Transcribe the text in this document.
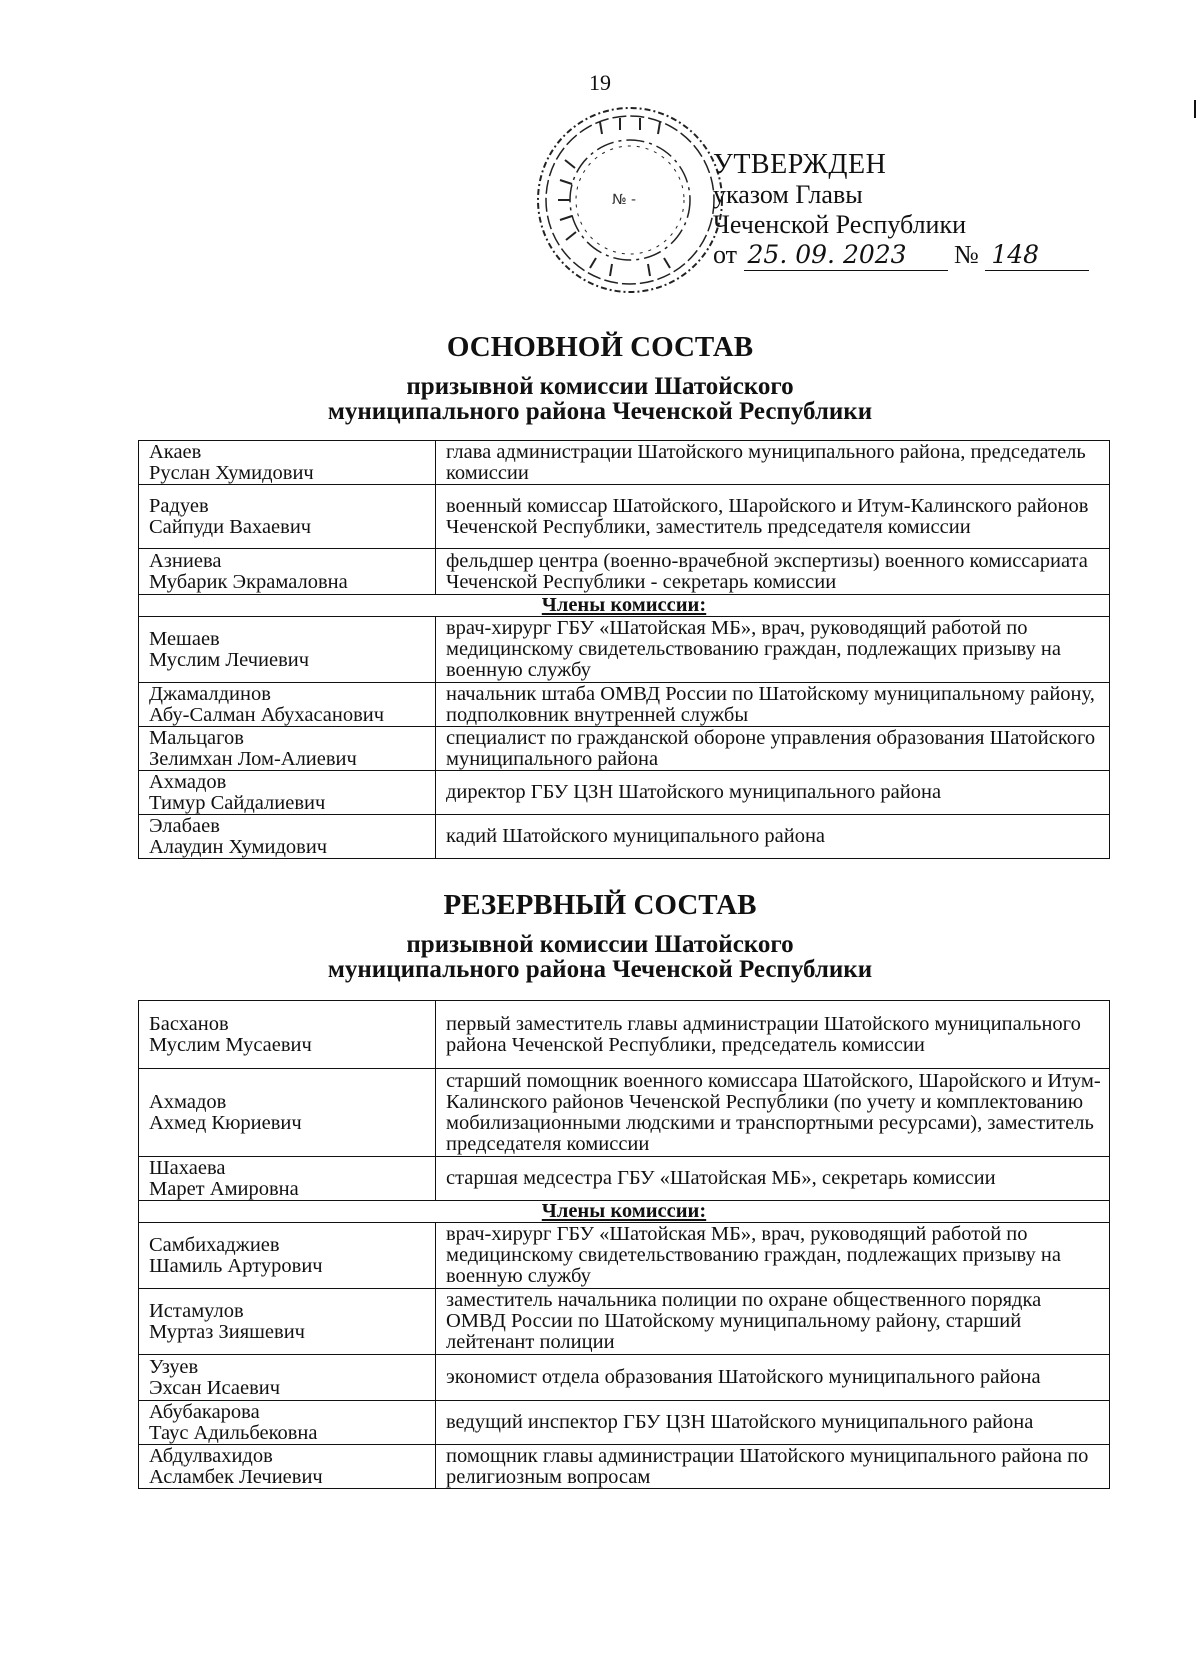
19
№ -
УТВЕРЖДЕН
указом Главы
Чеченской Республики
от 25. 09. 2023 № 148
ОСНОВНОЙ СОСТАВ
призывной комиссии Шатойского
муниципального района Чеченской Республики
Акаев
Руслан Хумидович	глава администрации Шатойского муниципального района, председатель комиссии
Радуев
Сайпуди Вахаевич	военный комиссар Шатойского, Шаройского и Итум-Калинского районов Чеченской Республики, заместитель председателя комиссии
Азниева
Мубарик Экрамаловна	фельдшер центра (военно-врачебной экспертизы) военного комиссариата Чеченской Республики - секретарь комиссии
Члены комиссии:	
Мешаев
Муслим Лечиевич	врач-хирург ГБУ «Шатойская МБ», врач, руководящий работой по медицинскому свидетельствованию граждан, подлежащих призыву на военную службу
Джамалдинов
Абу-Салман Абухасанович	начальник штаба ОМВД России по Шатойскому муниципальному району, подполковник внутренней службы
Мальцагов
Зелимхан Лом-Алиевич	специалист по гражданской обороне управления образования Шатойского муниципального района
Ахмадов
Тимур Сайдалиевич	директор ГБУ ЦЗН Шатойского муниципального района
Элабаев
Алаудин Хумидович	кадий Шатойского муниципального района
РЕЗЕРВНЫЙ СОСТАВ
призывной комиссии Шатойского
муниципального района Чеченской Республики
Басханов
Муслим Мусаевич	первый заместитель главы администрации Шатойского муниципального района Чеченской Республики, председатель комиссии
Ахмадов
Ахмед Кюриевич	старший помощник военного комиссара Шатойского, Шаройского и Итум-Калинского районов Чеченской Республики (по учету и комплектованию мобилизационными людскими и транспортными ресурсами), заместитель председателя комиссии
Шахаева
Марет Амировна	старшая медсестра ГБУ «Шатойская МБ», секретарь комиссии
Члены комиссии:	
Самбихаджиев
Шамиль Артурович	врач-хирург ГБУ «Шатойская МБ», врач, руководящий работой по медицинскому свидетельствованию граждан, подлежащих призыву на военную службу
Истамулов
Муртаз Зияшевич	заместитель начальника полиции по охране общественного порядка ОМВД России по Шатойскому муниципальному району, старший лейтенант полиции
Узуев
Эхсан Исаевич	экономист отдела образования Шатойского муниципального района
Абубакарова
Таус Адильбековна	ведущий инспектор ГБУ ЦЗН Шатойского муниципального района
Абдулвахидов
Асламбек Лечиевич	помощник главы администрации Шатойского муниципального района по религиозным вопросам
